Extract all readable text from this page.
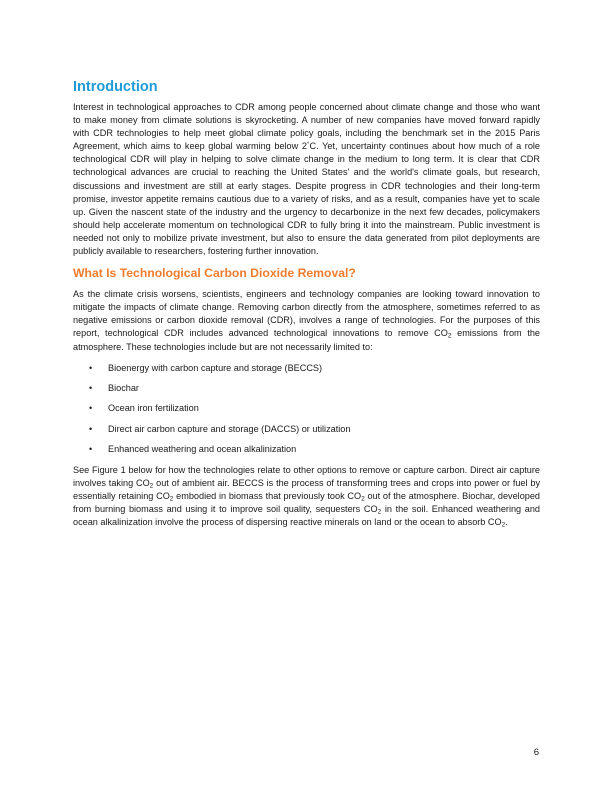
Introduction

Interest in technological approaches to CDR among people concerned about climate change and those who want to make money from climate solutions is skyrocketing. A number of new companies have moved forward rapidly with CDR technologies to help meet global climate policy goals, including the benchmark set in the 2015 Paris Agreement, which aims to keep global warming below 2°C. Yet, uncertainty continues about how much of a role technological CDR will play in helping to solve climate change in the medium to long term. It is clear that CDR technological advances are crucial to reaching the United States' and the world's climate goals, but research, discussions and investment are still at early stages. Despite progress in CDR technologies and their long-term promise, investor appetite remains cautious due to a variety of risks, and as a result, companies have yet to scale up. Given the nascent state of the industry and the urgency to decarbonize in the next few decades, policymakers should help accelerate momentum on technological CDR to fully bring it into the mainstream. Public investment is needed not only to mobilize private investment, but also to ensure the data generated from pilot deployments are publicly available to researchers, fostering further innovation.

What Is Technological Carbon Dioxide Removal?

As the climate crisis worsens, scientists, engineers and technology companies are looking toward innovation to mitigate the impacts of climate change. Removing carbon directly from the atmosphere, sometimes referred to as negative emissions or carbon dioxide removal (CDR), involves a range of technologies. For the purposes of this report, technological CDR includes advanced technological innovations to remove $CO_2$ emissions from the atmosphere. These technologies include but are not necessarily limited to:

• Bioenergy with carbon capture and storage (BECCS)
• Biochar
• Ocean iron fertilization
• Direct air carbon capture and storage (DACCS) or utilization
• Enhanced weathering and ocean alkalinization

See Figure 1 below for how the technologies relate to other options to remove or capture carbon. Direct air capture involves taking $CO_2$ out of ambient air. BECCS is the process of transforming trees and crops into power or fuel by essentially retaining $CO_2$ embodied in biomass that previously took $CO_2$ out of the atmosphere. Biochar, developed from burning biomass and using it to improve soil quality, sequesters $CO_2$ in the soil. Enhanced weathering and ocean alkalinization involve the process of dispersing reactive minerals on land or the ocean to absorb $CO_2$.

6
